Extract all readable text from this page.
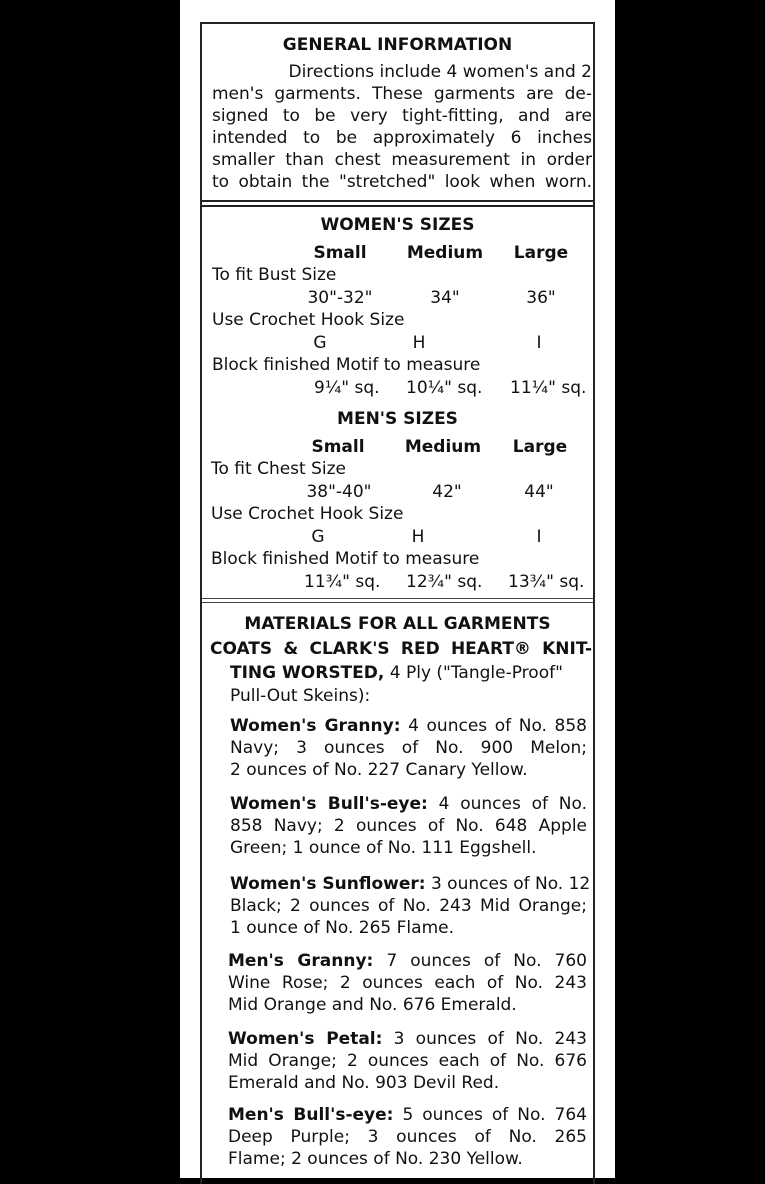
GENERAL INFORMATION
Directions include 4 women's and 2
men's garments. These garments are de-
signed to be very tight-fitting, and are
intended to be approximately 6 inches
smaller than chest measurement in order
to obtain the "stretched" look when worn.
WOMEN'S SIZES
Small	Medium	Large
To fit Bust Size
30"-32"	34"	36"
Use Crochet Hook Size
G	H	I
Block finished Motif to measure
9¼" sq. 10¼" sq. 11¼" sq.
MEN'S SIZES
Small	Medium	Large
To fit Chest Size
38"-40"	42"	44"
Use Crochet Hook Size
G	H	I
Block finished Motif to measure
11¾" sq. 12¾" sq. 13¾" sq.
MATERIALS FOR ALL GARMENTS
COATS & CLARK'S RED HEART® KNIT-
TING WORSTED, 4 Ply ("Tangle-Proof"
Pull-Out Skeins):
Women's Granny: 4 ounces of No. 858
Navy; 3 ounces of No. 900 Melon;
2 ounces of No. 227 Canary Yellow.
Women's Bull's-eye: 4 ounces of No.
858 Navy; 2 ounces of No. 648 Apple
Green; 1 ounce of No. 111 Eggshell.
Women's Sunflower: 3 ounces of No. 12
Black; 2 ounces of No. 243 Mid Orange;
1 ounce of No. 265 Flame.
Men's Granny: 7 ounces of No. 760
Wine Rose; 2 ounces each of No. 243
Mid Orange and No. 676 Emerald.
Women's Petal: 3 ounces of No. 243
Mid Orange; 2 ounces each of No. 676
Emerald and No. 903 Devil Red.
Men's Bull's-eye: 5 ounces of No. 764
Deep Purple; 3 ounces of No. 265
Flame; 2 ounces of No. 230 Yellow.
